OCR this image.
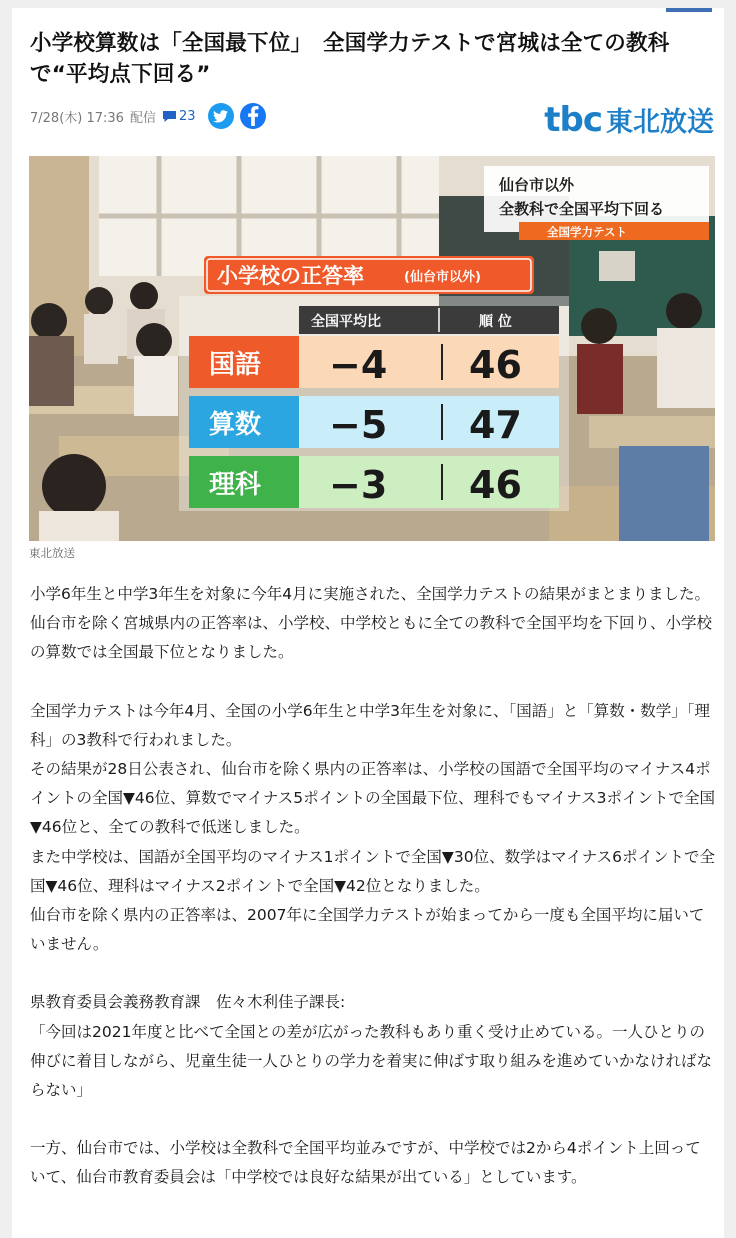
小学校算数は「全国最下位」　全国学力テストで宮城は全ての教科で“平均点下回る”
7/28(木) 17:36 配信 23	tbc 東北放送
仙台市以外
全教科で全国平均下回る
全国学力テスト
小学校の正答率	(仙台市以外)
全国平均比	順 位
国語 −4 46
算数 −5 47
理科 −3 46
東北放送

小学6年生と中学3年生を対象に今年4月に実施された、全国学力テストの結果がまとまりました。仙台市を除く宮城県内の正答率は、小学校、中学校ともに全ての教科で全国平均を下回り、小学校の算数では全国最下位となりました。

全国学力テストは今年4月、全国の小学6年生と中学3年生を対象に、「国語」と「算数・数学」「理科」の3教科で行われました。

その結果が28日公表され、仙台市を除く県内の正答率は、小学校の国語で全国平均のマイナス4ポイントの全国▼46位、算数でマイナス5ポイントの全国最下位、理科でもマイナス3ポイントで全国▼46位と、全ての教科で低迷しました。

また中学校は、国語が全国平均のマイナス1ポイントで全国▼30位、数学はマイナス6ポイントで全国▼46位、理科はマイナス2ポイントで全国▼42位となりました。

仙台市を除く県内の正答率は、2007年に全国学力テストが始まってから一度も全国平均に届いていません。

県教育委員会義務教育課　佐々木利佳子課長:

「今回は2021年度と比べて全国との差が広がった教科もあり重く受け止めている。一人ひとりの伸びに着目しながら、児童生徒一人ひとりの学力を着実に伸ばす取り組みを進めていかなければならない」

一方、仙台市では、小学校は全教科で全国平均並みですが、中学校では2から4ポイント上回っていて、仙台市教育委員会は「中学校では良好な結果が出ている」としています。
